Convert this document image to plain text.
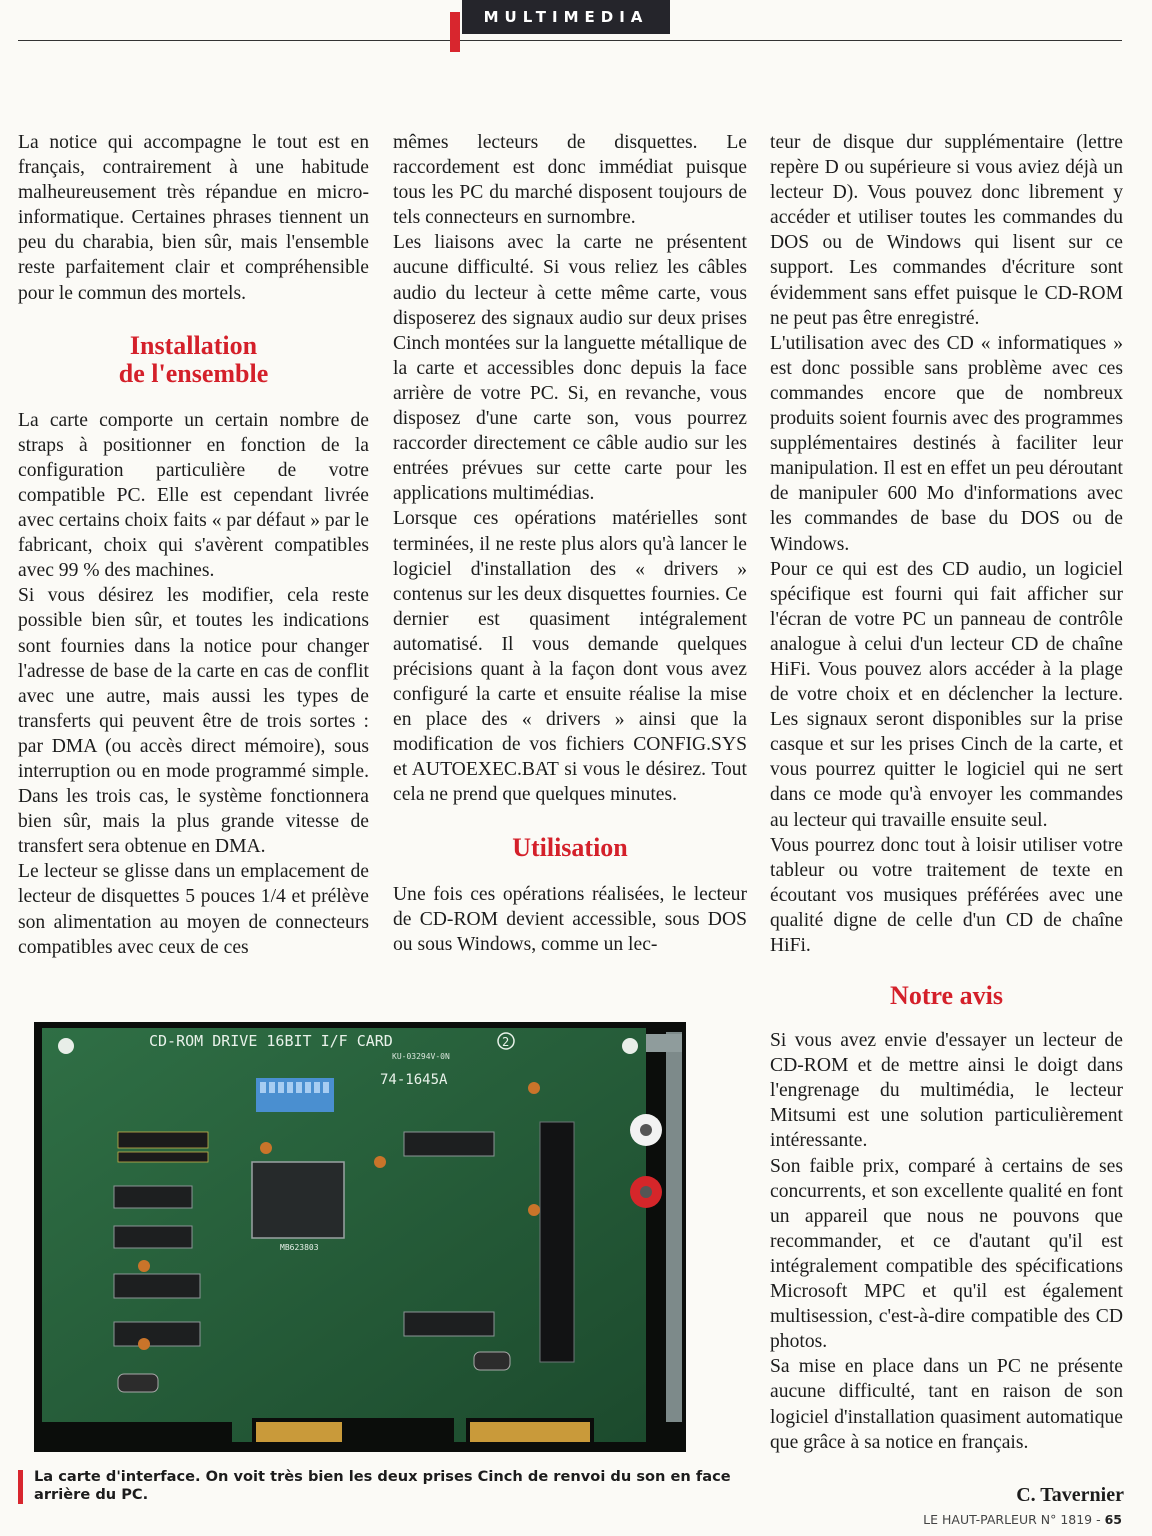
MULTIMEDIA

La notice qui accompagne le tout est en français, contrairement à une habitude malheureusement très répandue en micro-informatique. Certaines phrases tiennent un peu du charabia, bien sûr, mais l'ensemble reste parfaitement clair et compréhensible pour le commun des mortels.

Installation
de l'ensemble

La carte comporte un certain nombre de straps à positionner en fonction de la configuration particulière de votre compatible PC. Elle est cependant livrée avec certains choix faits « par défaut » par le fabricant, choix qui s'avèrent compatibles avec 99 % des machines.

Si vous désirez les modifier, cela reste possible bien sûr, et toutes les indications sont fournies dans la notice pour changer l'adresse de base de la carte en cas de conflit avec une autre, mais aussi les types de transferts qui peuvent être de trois sortes : par DMA (ou accès direct mémoire), sous interruption ou en mode programmé simple. Dans les trois cas, le système fonctionnera bien sûr, mais la plus grande vitesse de transfert sera obtenue en DMA.

Le lecteur se glisse dans un emplacement de lecteur de disquettes 5 pouces 1/4 et prélève son alimentation au moyen de connecteurs compatibles avec ceux de ces

mêmes lecteurs de disquettes. Le raccordement est donc immédiat puisque tous les PC du marché disposent toujours de tels connecteurs en surnombre.

Les liaisons avec la carte ne présentent aucune difficulté. Si vous reliez les câbles audio du lecteur à cette même carte, vous disposerez des signaux audio sur deux prises Cinch montées sur la languette métallique de la carte et accessibles donc depuis la face arrière de votre PC. Si, en revanche, vous disposez d'une carte son, vous pourrez raccorder directement ce câble audio sur les entrées prévues sur cette carte pour les applications multimédias.

Lorsque ces opérations matérielles sont terminées, il ne reste plus alors qu'à lancer le logiciel d'installation des « drivers » contenus sur les deux disquettes fournies. Ce dernier est quasiment intégralement automatisé. Il vous demande quelques précisions quant à la façon dont vous avez configuré la carte et ensuite réalise la mise en place des « drivers » ainsi que la modification de vos fichiers CONFIG.SYS et AUTOEXEC.BAT si vous le désirez. Tout cela ne prend que quelques minutes.

Utilisation

Une fois ces opérations réalisées, le lecteur de CD-ROM devient accessible, sous DOS ou sous Windows, comme un lec-

teur de disque dur supplémentaire (lettre repère D ou supérieure si vous aviez déjà un lecteur D). Vous pouvez donc librement y accéder et utiliser toutes les commandes du DOS ou de Windows qui lisent sur ce support. Les commandes d'écriture sont évidemment sans effet puisque le CD-ROM ne peut pas être enregistré.

L'utilisation avec des CD « informatiques » est donc possible sans problème avec ces commandes encore que de nombreux produits soient fournis avec des programmes supplémentaires destinés à faciliter leur manipulation. Il est en effet un peu déroutant de manipuler 600 Mo d'informations avec les commandes de base du DOS ou de Windows.

Pour ce qui est des CD audio, un logiciel spécifique est fourni qui fait afficher sur l'écran de votre PC un panneau de contrôle analogue à celui d'un lecteur CD de chaîne HiFi. Vous pouvez alors accéder à la plage de votre choix et en déclencher la lecture. Les signaux seront disponibles sur la prise casque et sur les prises Cinch de la carte, et vous pourrez quitter le logiciel qui ne sert dans ce mode qu'à envoyer les commandes au lecteur qui travaille ensuite seul.

Vous pourrez donc tout à loisir utiliser votre tableur ou votre traitement de texte en écoutant vos musiques préférées avec une qualité digne de celle d'un CD de chaîne HiFi.

Notre avis

Si vous avez envie d'essayer un lecteur de CD-ROM et de mettre ainsi le doigt dans l'engrenage du multimédia, le lecteur Mitsumi est une solution particulièrement intéressante.

Son faible prix, comparé à certains de ses concurrents, et son excellente qualité en font un appareil que nous ne pouvons que recommander, et ce d'autant qu'il est intégralement compatible des spécifications Microsoft MPC et qu'il est également multisession, c'est-à-dire compatible des CD photos.

Sa mise en place dans un PC ne présente aucune difficulté, tant en raison de son logiciel d'installation quasiment automatique que grâce à sa notice en français.

CD-ROM DRIVE 16BIT I/F CARD	2
KU-03294V-0N
74-1645A
MB623803
La carte d'interface. On voit très bien les deux prises Cinch de renvoi du son en face arrière du PC.	C. Tavernier
LE HAUT-PARLEUR N° 1819 - 65
